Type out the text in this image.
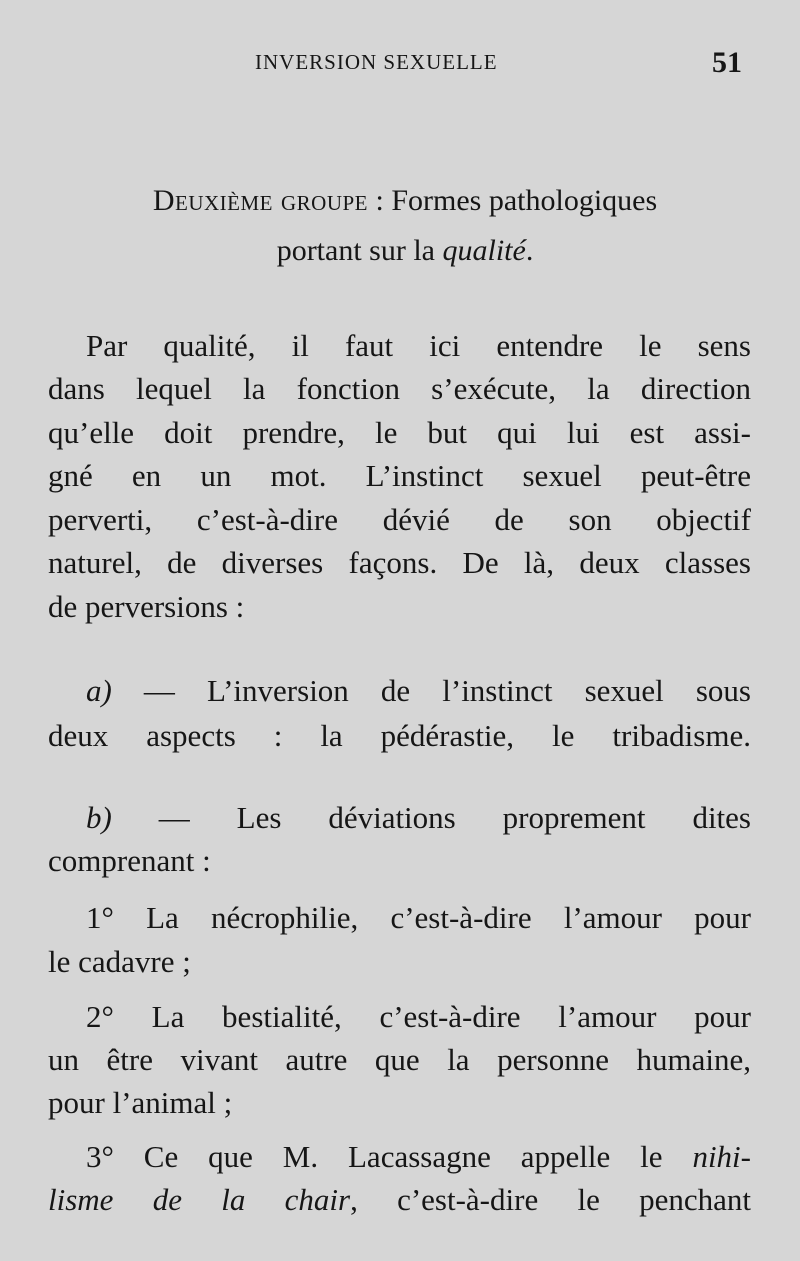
INVERSION SEXUELLE	51
Deuxième groupe : Formes pathologiques
portant sur la qualité.
Par qualité, il faut ici entendre le sens
dans lequel la fonction s’exécute, la direction
qu’elle doit prendre, le but qui lui est assi-
gné en un mot. L’instinct sexuel peut-être
perverti, c’est-à-dire dévié de son objectif
naturel, de diverses façons. De là, deux classes
de perversions :
a) — L’inversion de l’instinct sexuel sous
deux aspects : la pédérastie, le tribadisme.
b) — Les déviations proprement dites
comprenant :
1° La nécrophilie, c’est-à-dire l’amour pour
le cadavre ;
2° La bestialité, c’est-à-dire l’amour pour
un être vivant autre que la personne humaine,
pour l’animal ;
3° Ce que M. Lacassagne appelle le nihi-
lisme de la chair, c’est-à-dire le penchant
